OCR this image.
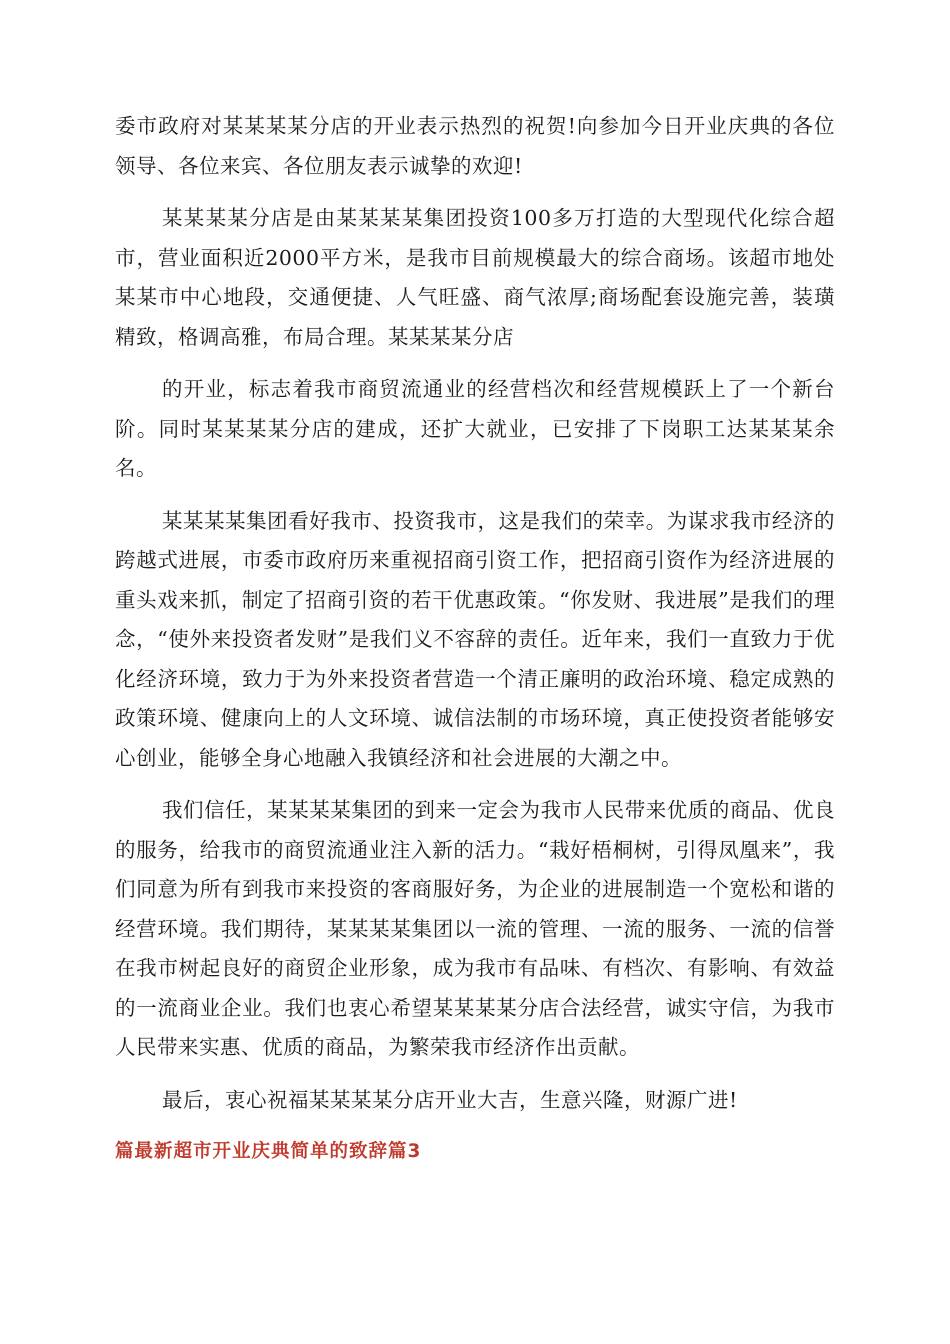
委市政府对某某某某分店的开业表示热烈的祝贺!向参加今日开业庆典的各位领导、各位来宾、各位朋友表示诚挚的欢迎!

某某某某分店是由某某某某集团投资100多万打造的大型现代化综合超市，营业面积近2000平方米，是我市目前规模最大的综合商场。该超市地处某某市中心地段，交通便捷、人气旺盛、商气浓厚;商场配套设施完善，装璜精致，格调高雅，布局合理。某某某某分店

的开业，标志着我市商贸流通业的经营档次和经营规模跃上了一个新台阶。同时某某某某分店的建成，还扩大就业，已安排了下岗职工达某某某余名。

某某某某集团看好我市、投资我市，这是我们的荣幸。为谋求我市经济的跨越式进展，市委市政府历来重视招商引资工作，把招商引资作为经济进展的重头戏来抓，制定了招商引资的若干优惠政策。“你发财、我进展”是我们的理念，“使外来投资者发财”是我们义不容辞的责任。近年来，我们一直致力于优化经济环境，致力于为外来投资者营造一个清正廉明的政治环境、稳定成熟的政策环境、健康向上的人文环境、诚信法制的市场环境，真正使投资者能够安心创业，能够全身心地融入我镇经济和社会进展的大潮之中。

我们信任，某某某某集团的到来一定会为我市人民带来优质的商品、优良的服务，给我市的商贸流通业注入新的活力。“栽好梧桐树，引得凤凰来”，我们同意为所有到我市来投资的客商服好务，为企业的进展制造一个宽松和谐的经营环境。我们期待，某某某某集团以一流的管理、一流的服务、一流的信誉在我市树起良好的商贸企业形象，成为我市有品味、有档次、有影响、有效益的一流商业企业。我们也衷心希望某某某某分店合法经营，诚实守信，为我市人民带来实惠、优质的商品，为繁荣我市经济作出贡献。

最后，衷心祝福某某某某分店开业大吉，生意兴隆，财源广进!

篇最新超市开业庆典简单的致辞篇3
